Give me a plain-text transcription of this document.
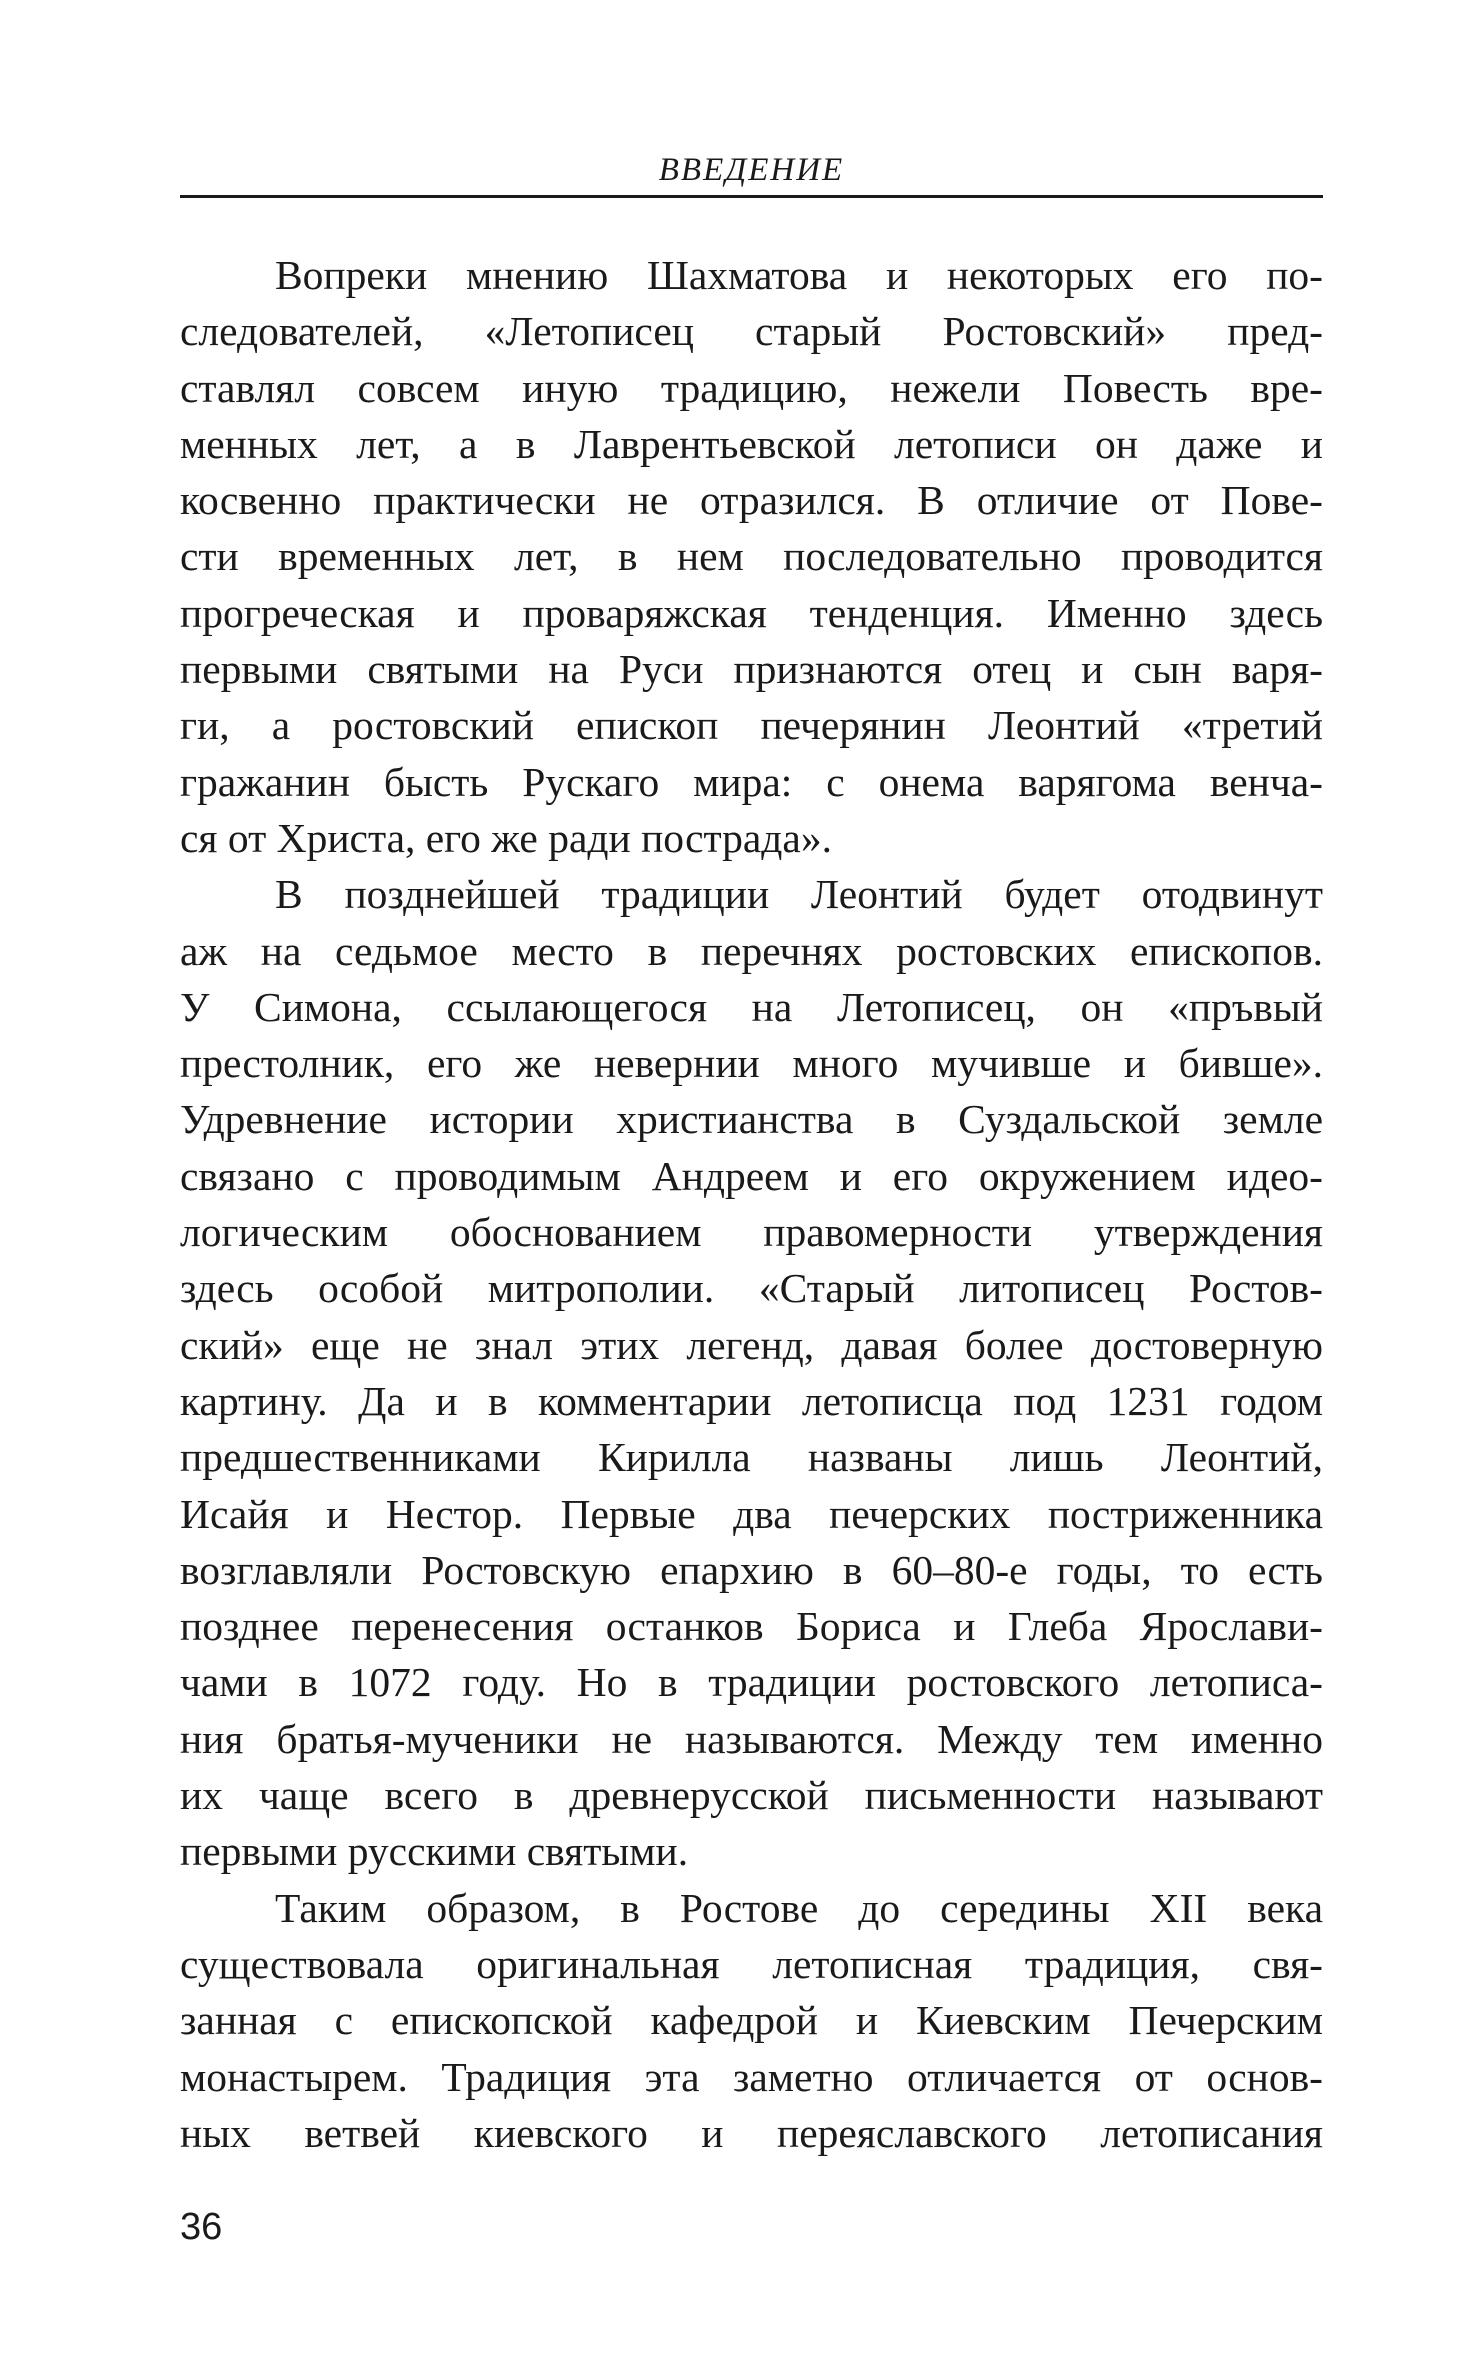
ВВЕДЕНИЕ
Вопреки мнению Шахматова и некоторых его по-
следователей, «Летописец старый Ростовский» пред-
ставлял совсем иную традицию, нежели Повесть вре-
менных лет, а в Лаврентьевской летописи он даже и
косвенно практически не отразился. В отличие от Пове-
сти временных лет, в нем последовательно проводится
прогреческая и проваряжская тенденция. Именно здесь
первыми святыми на Руси признаются отец и сын варя-
ги, а ростовский епископ печерянин Леонтий «третий
гражанин бысть Рускаго мира: с онема варягома венча-
ся от Христа, его же ради пострада».
В позднейшей традиции Леонтий будет отодвинут
аж на седьмое место в перечнях ростовских епископов.
У Симона, ссылающегося на Летописец, он «пръвый
престолник, его же невернии много мучивше и бивше».
Удревнение истории христианства в Суздальской земле
связано с проводимым Андреем и его окружением идео-
логическим обоснованием правомерности утверждения
здесь особой митрополии. «Старый литописец Ростов-
ский» еще не знал этих легенд, давая более достоверную
картину. Да и в комментарии летописца под 1231 годом
предшественниками Кирилла названы лишь Леонтий,
Исайя и Нестор. Первые два печерских постриженника
возглавляли Ростовскую епархию в 60–80-е годы, то есть
позднее перенесения останков Бориса и Глеба Ярослави-
чами в 1072 году. Но в традиции ростовского летописа-
ния братья-мученики не называются. Между тем именно
их чаще всего в древнерусской письменности называют
первыми русскими святыми.
Таким образом, в Ростове до середины XII века
существовала оригинальная летописная традиция, свя-
занная с епископской кафедрой и Киевским Печерским
монастырем. Традиция эта заметно отличается от основ-
ных ветвей киевского и переяславского летописания
36
